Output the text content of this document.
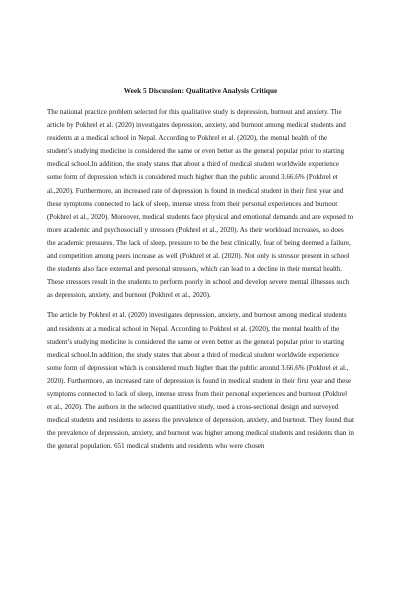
Week 5 Discussion: Qualitative Analysis Critique

The national practice problem selected for this qualitative study is depression, burnout and anxiety. The article by Pokhrel et al. (2020) investigates depression, anxiety, and burnout among medical students and residents at a medical school in Nepal. According to Pokhrel et al. (2020), the mental health of the student’s studying medicine is considered the same or even better as the general popular prior to starting medical school.In addition, the study states that about a third of medical student worldwide experience some form of depression which is considered much higher than the public around 3.66.6% (Pokhrel et al.,2020). Furthermore, an increased rate of depression is found in medical student in their first year and these symptoms connected to lack of sleep, intense stress from their personal experiences and burnout (Pokhrel et al., 2020). Moreover, medical students face physical and emotional demands and are exposed to more academic and psychosociall y stressors (Pokhrel et al., 2020). As their workload increases, so does the academic pressures. The lack of sleep, pressure to be the best clinically, fear of being deemed a failure, and competition among peers increase as well (Pokhrel et al. (2020). Not only is stressor present in school the students also face external and personal stressors, which can lead to a decline in their mental health. These stressors result in the students to perform poorly in school and develop severe mental illnesses such as depression, anxiety, and burnout (Pokhrel et al., 2020).

The article by Pokhrel et al. (2020) investigates depression, anxiety, and burnout among medical students and residents at a medical school in Nepal. According to Pokhrel et al. (2020), the mental health of the student’s studying medicine is considered the same or even better as the general popular prior to starting medical school.In addition, the study states that about a third of medical student worldwide experience some form of depression which is considered much higher than the public around 3.66.6% (Pokhrel et al., 2020). Furthermore, an increased rate of depression is found in medical student in their first year and these symptoms connected to lack of sleep, intense stress from their personal experiences and burnout (Pokhrel et al., 2020). The authors in the selected quantitative study, used a cross-sectional design and surveyed medical students and residents to assess the prevalence of depression, anxiety, and burnout. They found that the prevalence of depression, anxiety, and burnout was higher among medical students and residents than in the general population. 651 medical students and residents who were chosen
